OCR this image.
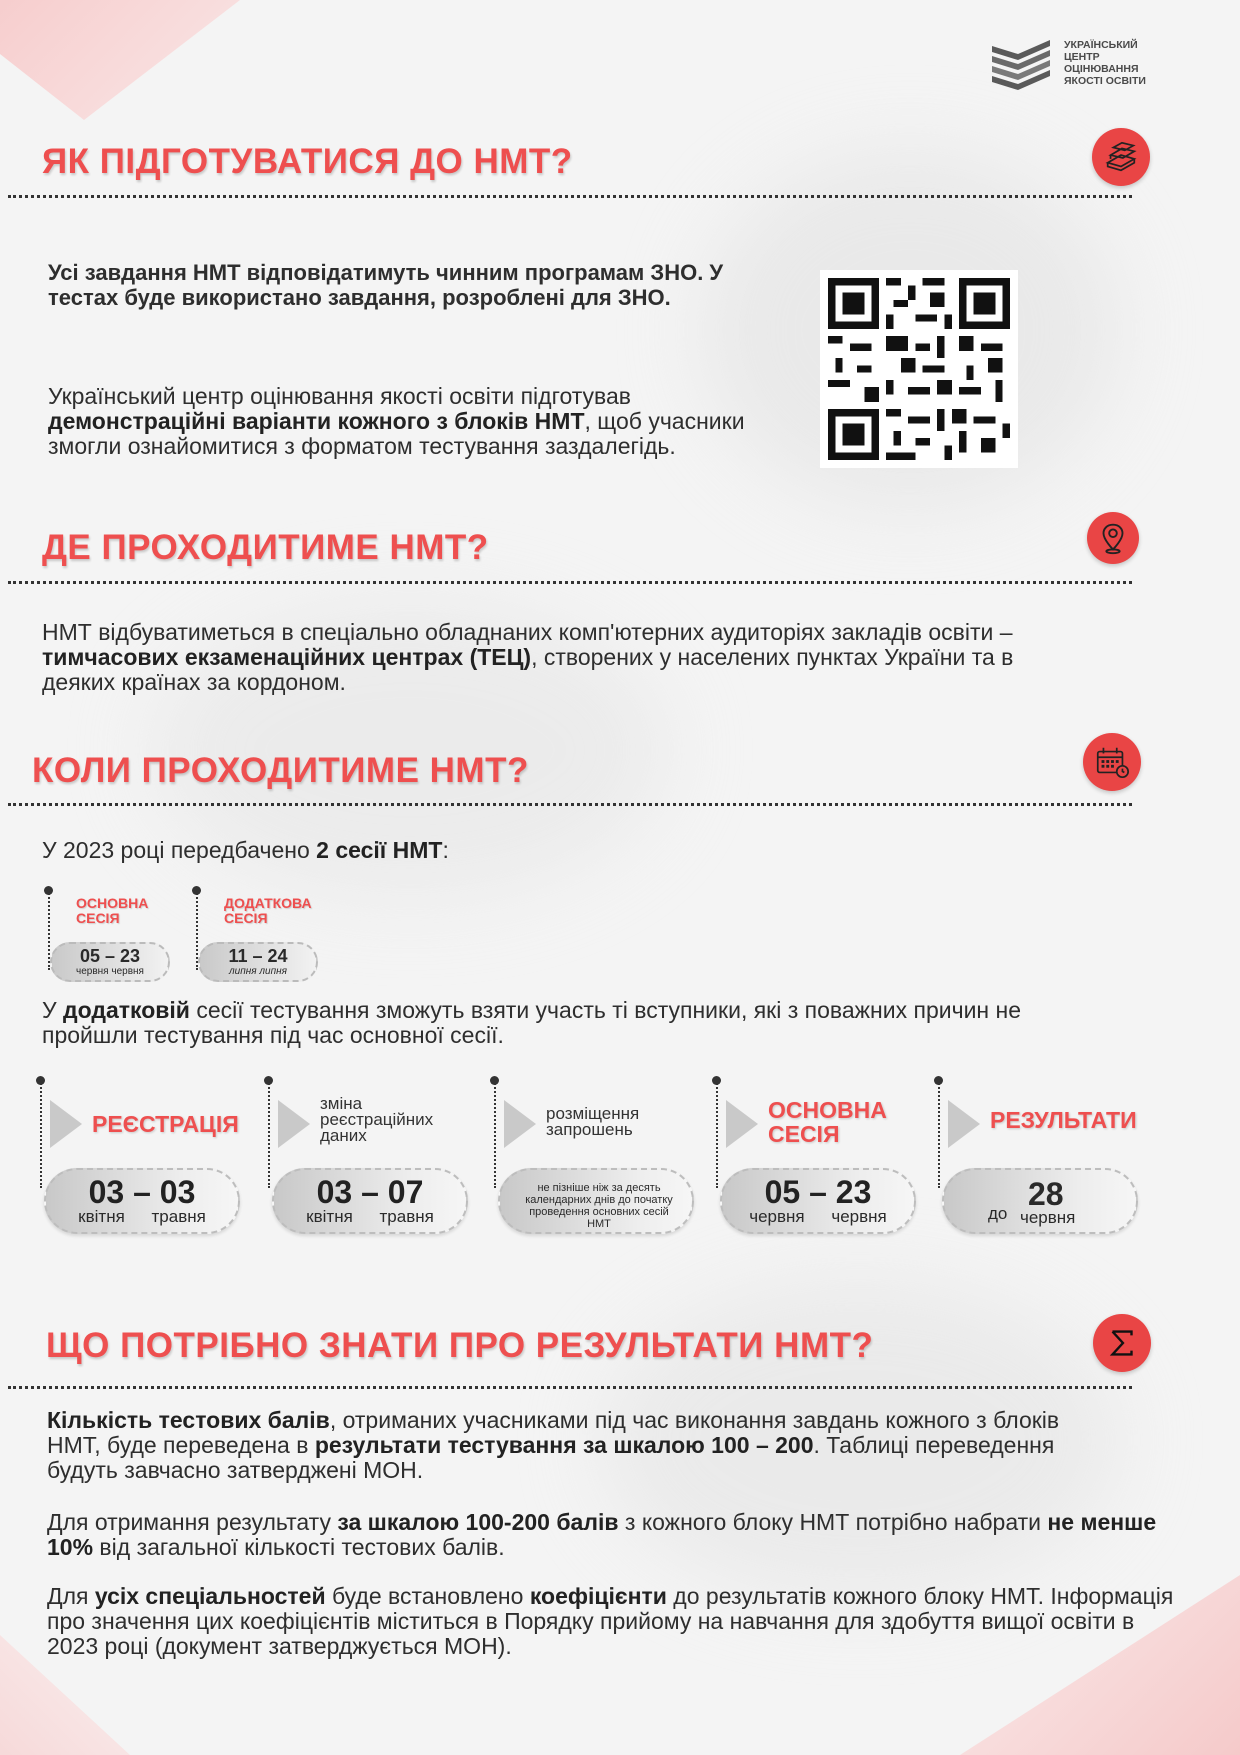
УКРАЇНСЬКИЙ
ЦЕНТР
ОЦІНЮВАННЯ
ЯКОСТІ ОСВІТИ
ЯК ПІДГОТУВАТИСЯ ДО НМТ?
Усі завдання НМТ відповідатимуть чинним програмам ЗНО. У тестах буде використано завдання, розроблені для ЗНО.
Український центр оцінювання якості освіти підготував демонстраційні варіанти кожного з блоків НМТ, щоб учасники змогли ознайомитися з форматом тестування заздалегідь.
ДЕ ПРОХОДИТИМЕ НМТ?
НМТ відбуватиметься в спеціально обладнаних комп'ютерних аудиторіях закладів освіти – тимчасових екзаменаційних центрах (ТЕЦ), створених у населених пунктах України та в деяких країнах за кордоном.
КОЛИ ПРОХОДИТИМЕ НМТ?
У 2023 році передбачено 2 сесії НМТ:
ОСНОВНА
СЕСІЯ
05 – 23
червня червня
ДОДАТКОВА
СЕСІЯ
11 – 24
липня липня
У додатковій сесії тестування зможуть взяти участь ті вступники, які з поважних причин не пройшли тестування під час основної сесії.
РЕЄСТРАЦІЯ
03 – 03
квітня травня
зміна реєстраційних даних
03 – 07
квітня травня
розміщення запрошень
не пізніше ніж за десять календарних днів до початку проведення основних сесій НМТ
ОСНОВНА СЕСІЯ
05 – 23
червня червня
РЕЗУЛЬТАТИ
до
28
червня
ЩО ПОТРІБНО ЗНАТИ ПРО РЕЗУЛЬТАТИ НМТ?
Кількість тестових балів, отриманих учасниками під час виконання завдань кожного з блоків НМТ, буде переведена в результати тестування за шкалою 100 – 200. Таблиці переведення будуть завчасно затверджені МОН.
Для отримання результату за шкалою 100-200 балів з кожного блоку НМТ потрібно набрати не менше 10% від загальної кількості тестових балів.
Для усіх спеціальностей буде встановлено коефіцієнти до результатів кожного блоку НМТ. Інформація про значення цих коефіцієнтів міститься в Порядку прийому на навчання для здобуття вищої освіти в 2023 році (документ затверджується МОН).
